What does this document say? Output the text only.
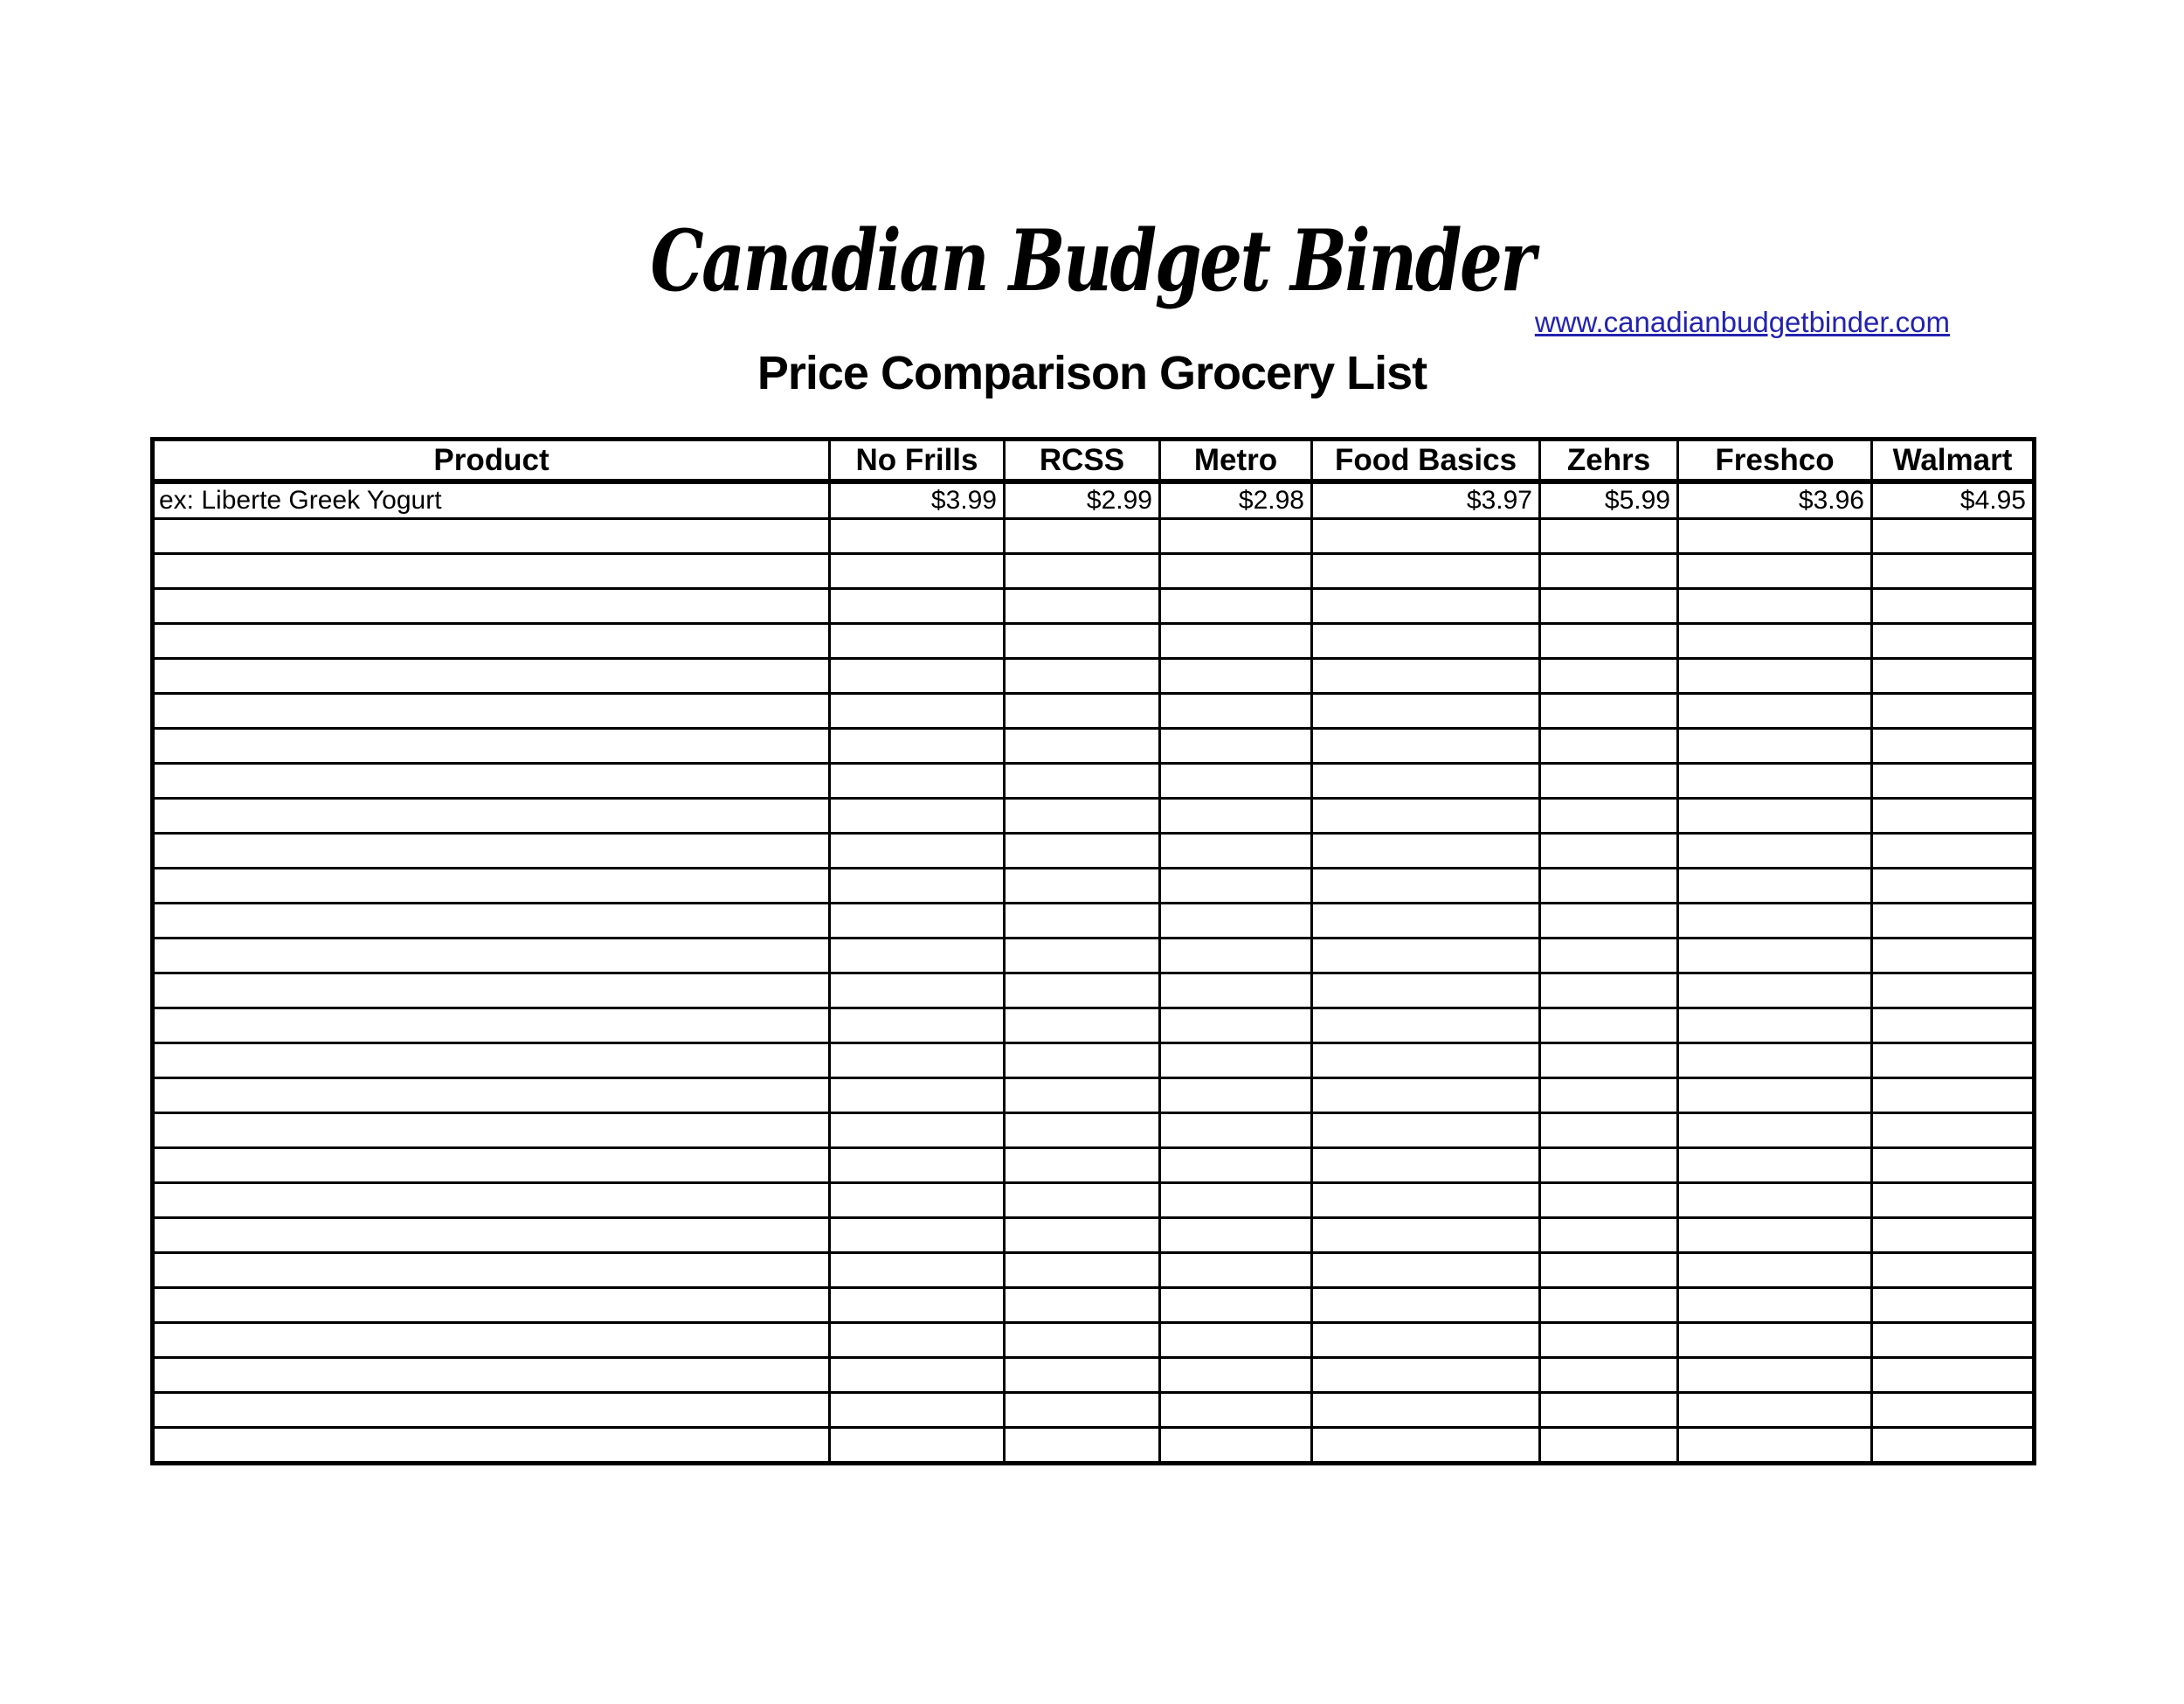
Canadian Budget Binder
www.canadianbudgetbinder.com
Price Comparison Grocery List
Product	No Frills	RCSS	Metro	Food Basics	Zehrs	Freshco	Walmart
ex: Liberte Greek Yogurt	$3.99	$2.99	$2.98	$3.97	$5.99	$3.96	$4.95
